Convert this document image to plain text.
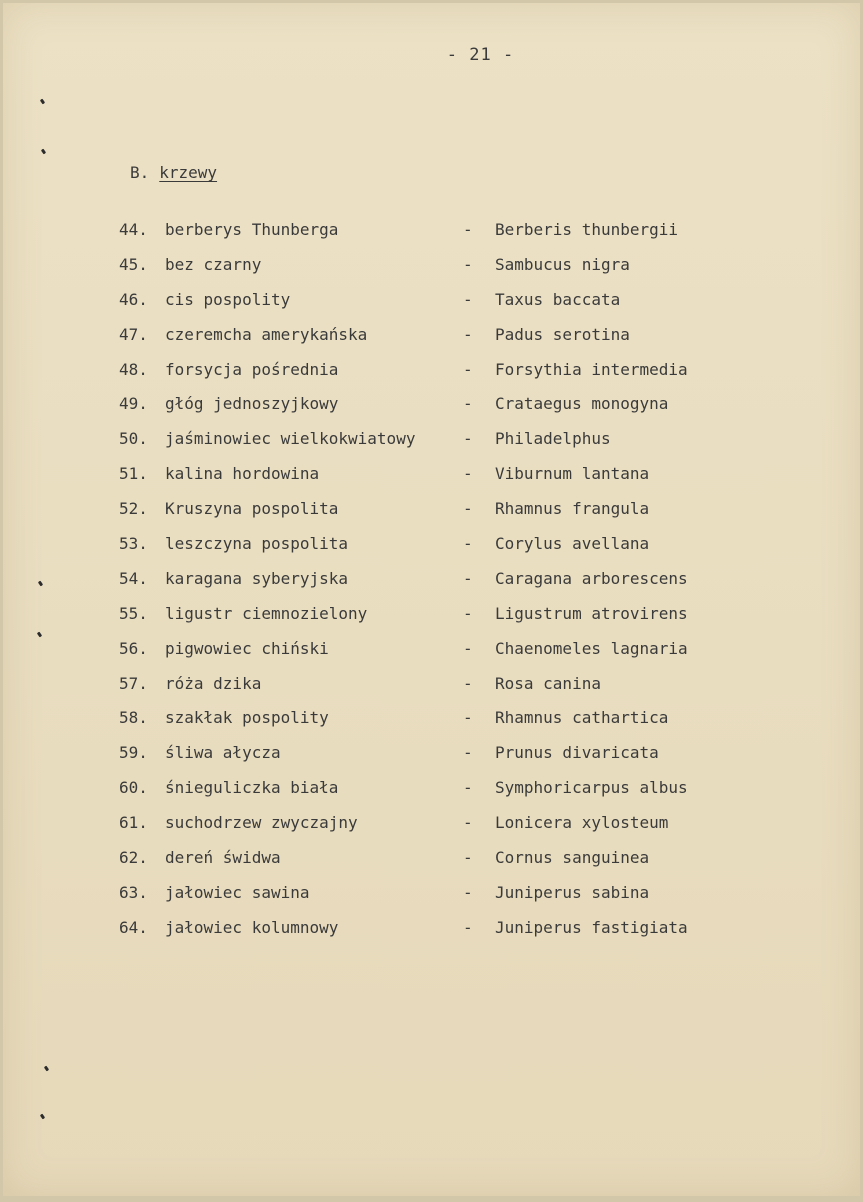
- 21 -
B. krzewy
44.	berberys Thunberga	- Berberis thunbergii
45.	bez czarny	- Sambucus nigra
46.	cis pospolity	- Taxus baccata
47.	czeremcha amerykańska	- Padus serotina
48.	forsycja pośrednia	- Forsythia intermedia
49.	głóg jednoszyjkowy	- Crataegus monogyna
50.	jaśminowiec wielkokwiatowy	- Philadelphus
51.	kalina hordowina	- Viburnum lantana
52.	Kruszyna pospolita	- Rhamnus frangula
53.	leszczyna pospolita	- Corylus avellana
54.	karagana syberyjska	- Caragana arborescens
55.	ligustr ciemnozielony	- Ligustrum atrovirens
56.	pigwowiec chiński	- Chaenomeles lagnaria
57.	róża dzika	- Rosa canina
58.	szakłak pospolity	- Rhamnus cathartica
59.	śliwa ałycza	- Prunus divaricata
60.	śnieguliczka biała	- Symphoricarpus albus
61.	suchodrzew zwyczajny	- Lonicera xylosteum
62.	dereń świdwa	- Cornus sanguinea
63.	jałowiec sawina	- Juniperus sabina
64.	jałowiec kolumnowy	- Juniperus fastigiata
